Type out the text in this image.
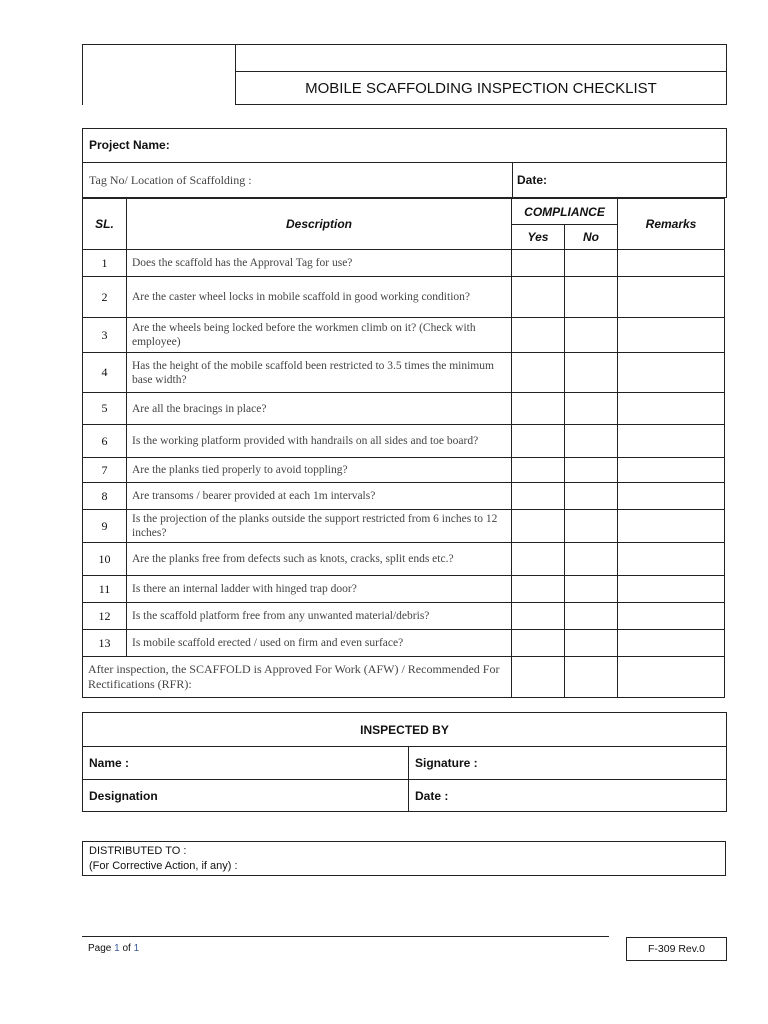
MOBILE SCAFFOLDING INSPECTION CHECKLIST
Project Name:
Tag No/ Location of Scaffolding :	Date:
SL.	Description	COMPLIANCE		Remarks
		Yes	No	
1	Does the scaffold has the Approval Tag for use?			
2	Are the caster wheel locks in mobile scaffold in good working condition?			
3	Are the wheels being locked before the workmen climb on it? (Check with employee)			
4	Has the height of the mobile scaffold been restricted to 3.5 times the minimum base width?			
5	Are all the bracings in place?			
6	Is the working platform provided with handrails on all sides and toe board?			
7	Are the planks tied properly to avoid toppling?			
8	Are transoms / bearer provided at each 1m intervals?			
9	Is the projection of the planks outside the support restricted from 6 inches to 12 inches?			
10	Are the planks free from defects such as knots, cracks, split ends etc.?			
11	Is there an internal ladder with hinged trap door?			
12	Is the scaffold platform free from any unwanted material/debris?			
13	Is mobile scaffold erected / used on firm and even surface?			
After inspection, the SCAFFOLD is Approved For Work (AFW) / Recommended For Rectifications (RFR):				
INSPECTED BY	
Name :	Signature :
Designation	Date :
DISTRIBUTED TO :
(For Corrective Action, if any) :
Page 1 of 1	F-309 Rev.0
